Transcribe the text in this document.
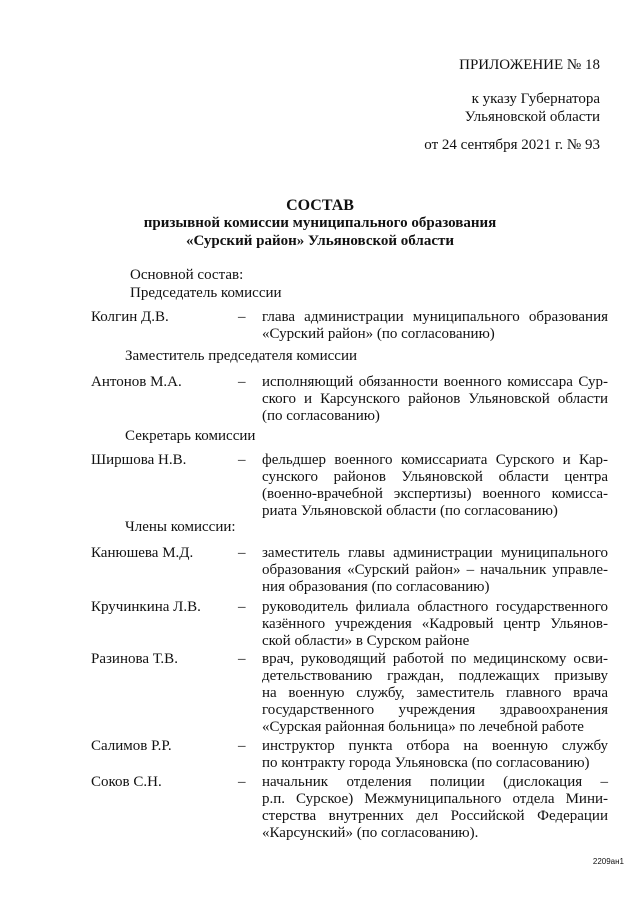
ПРИЛОЖЕНИЕ № 18
к указу Губернатора
Ульяновской области
от 24 сентября 2021 г. № 93
СОСТАВ
призывной комиссии муниципального образования
«Сурский район» Ульяновской области
Основной состав:
Председатель комиссии
Колгин Д.В.	– глава администрации муниципального образования
«Сурский район» (по согласованию)
Заместитель председателя комиссии
Антонов М.А.	– исполняющий обязанности военного комиссара Сур-
ского и Карсунского районов Ульяновской области
(по согласованию)
Секретарь комиссии
Ширшова Н.В.	– фельдшер военного комиссариата Сурского и Кар-
сунского районов Ульяновской области центра
(военно-врачебной экспертизы) военного комисса-
риата Ульяновской области (по согласованию)
Члены комиссии:
Канюшева М.Д.	– заместитель главы администрации муниципального
образования «Сурский район» – начальник управле-
ния образования (по согласованию)
Кручинкина Л.В. – руководитель филиала областного государственного
казённого учреждения «Кадровый центр Ульянов-
ской области» в Сурском районе
Разинова Т.В.	– врач, руководящий работой по медицинскому осви-
детельствованию граждан, подлежащих призыву
на военную службу, заместитель главного врача
государственного учреждения здравоохранения
«Сурская районная больница» по лечебной работе
Салимов Р.Р.	– инструктор пункта отбора на военную службу
по контракту города Ульяновска (по согласованию)
Соков С.Н.	– начальник отделения полиции (дислокация –
р.п. Сурское) Межмуниципального отдела Мини-
стерства внутренних дел Российской Федерации
«Карсунский» (по согласованию).
2209ан1
